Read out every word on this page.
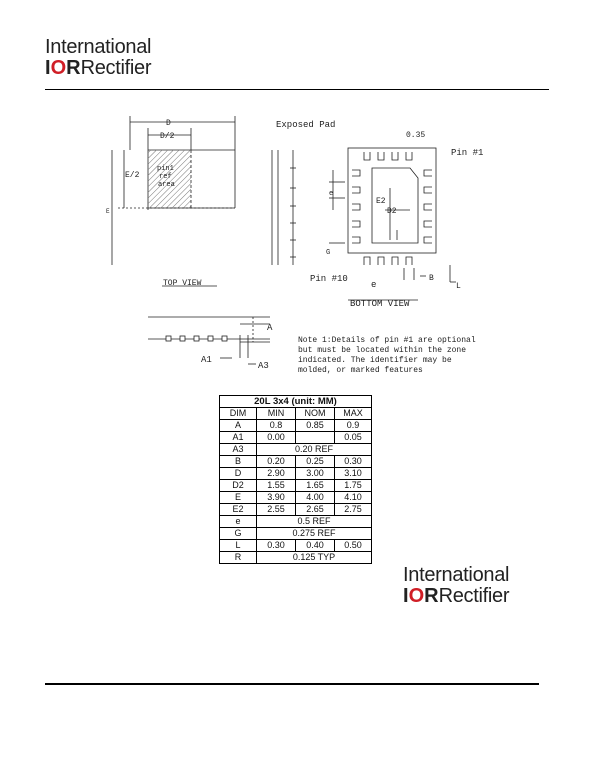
International
IORRectifier
D
D/2
E/2
E
pin1
ref
area
TOP VIEW
Exposed Pad
0.35
Pin #1
e
E2
D2
G
Pin #10
e
B
L
BOTTOM VIEW
A
A1
A3
Note 1:Details of pin #1 are optional
but must be located within the zone
indicated. The identifier may be
molded, or marked features
20L 3x4 (unit: MM)			
DIM	MIN	NOM	MAX
A	0.8	0.85	0.9
A1	0.00		0.05
A3	0.20 REF		
B	0.20	0.25	0.30
D	2.90	3.00	3.10
D2	1.55	1.65	1.75
E	3.90	4.00	4.10
E2	2.55	2.65	2.75
e	0.5 REF		
G	0.275 REF		
L	0.30	0.40	0.50
R	0.125 TYP		
International
IORRectifier
